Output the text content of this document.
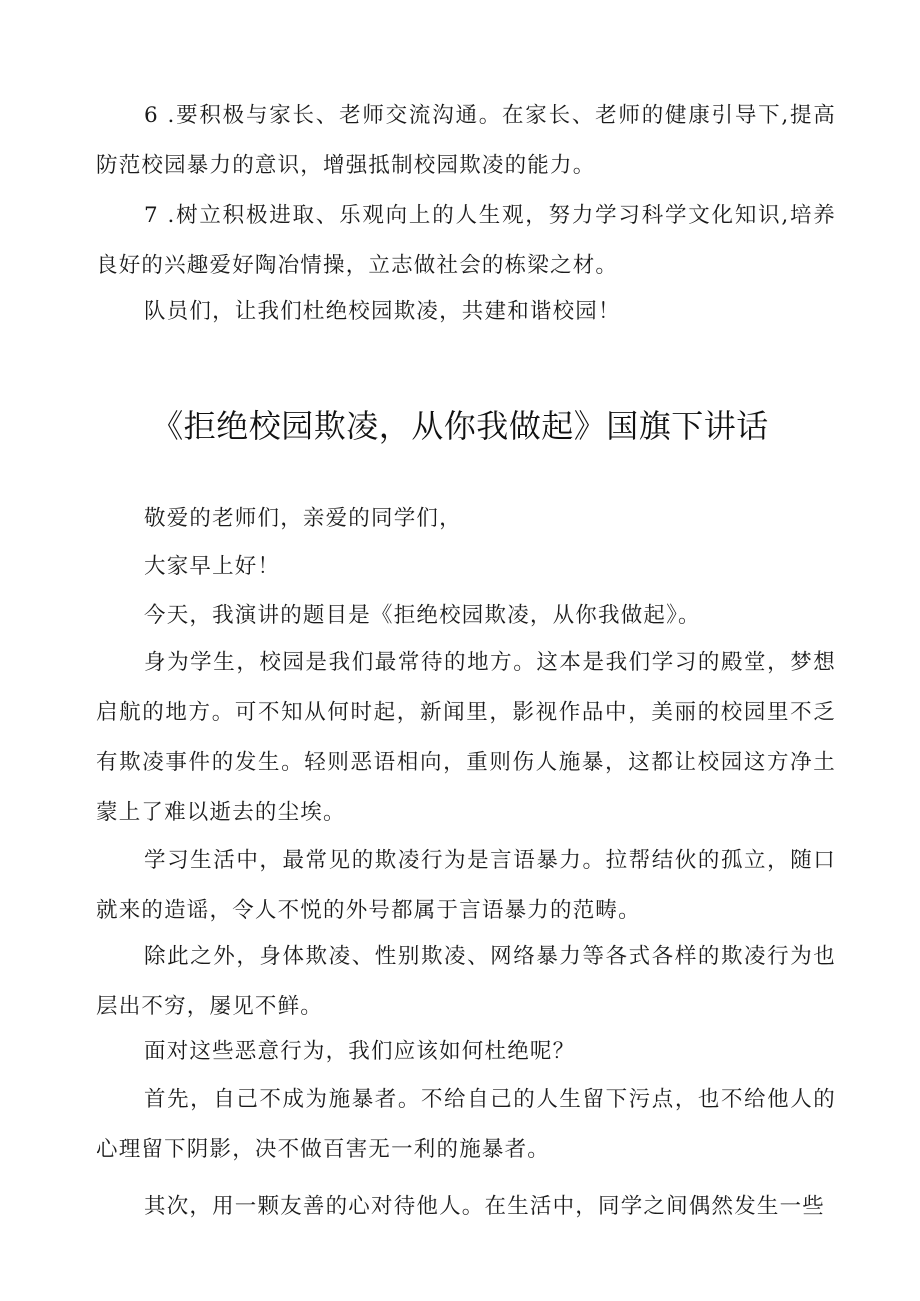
6 .要积极与家长、老师交流沟通。在家长、老师的健康引导下,提高防范校园暴力的意识，增强抵制校园欺凌的能力。

7 .树立积极进取、乐观向上的人生观，努力学习科学文化知识,培养良好的兴趣爱好陶冶情操，立志做社会的栋梁之材。

队员们，让我们杜绝校园欺凌，共建和谐校园！

《拒绝校园欺凌，从你我做起》国旗下讲话

敬爱的老师们，亲爱的同学们，

大家早上好！

今天，我演讲的题目是《拒绝校园欺凌，从你我做起》。

身为学生，校园是我们最常待的地方。这本是我们学习的殿堂，梦想启航的地方。可不知从何时起，新闻里，影视作品中，美丽的校园里不乏有欺凌事件的发生。轻则恶语相向，重则伤人施暴，这都让校园这方净土蒙上了难以逝去的尘埃。

学习生活中，最常见的欺凌行为是言语暴力。拉帮结伙的孤立，随口就来的造谣，令人不悦的外号都属于言语暴力的范畴。

除此之外，身体欺凌、性别欺凌、网络暴力等各式各样的欺凌行为也层出不穷，屡见不鲜。

面对这些恶意行为，我们应该如何杜绝呢？

首先，自己不成为施暴者。不给自己的人生留下污点，也不给他人的心理留下阴影，决不做百害无一利的施暴者。

其次，用一颗友善的心对待他人。在生活中，同学之间偶然发生一些
